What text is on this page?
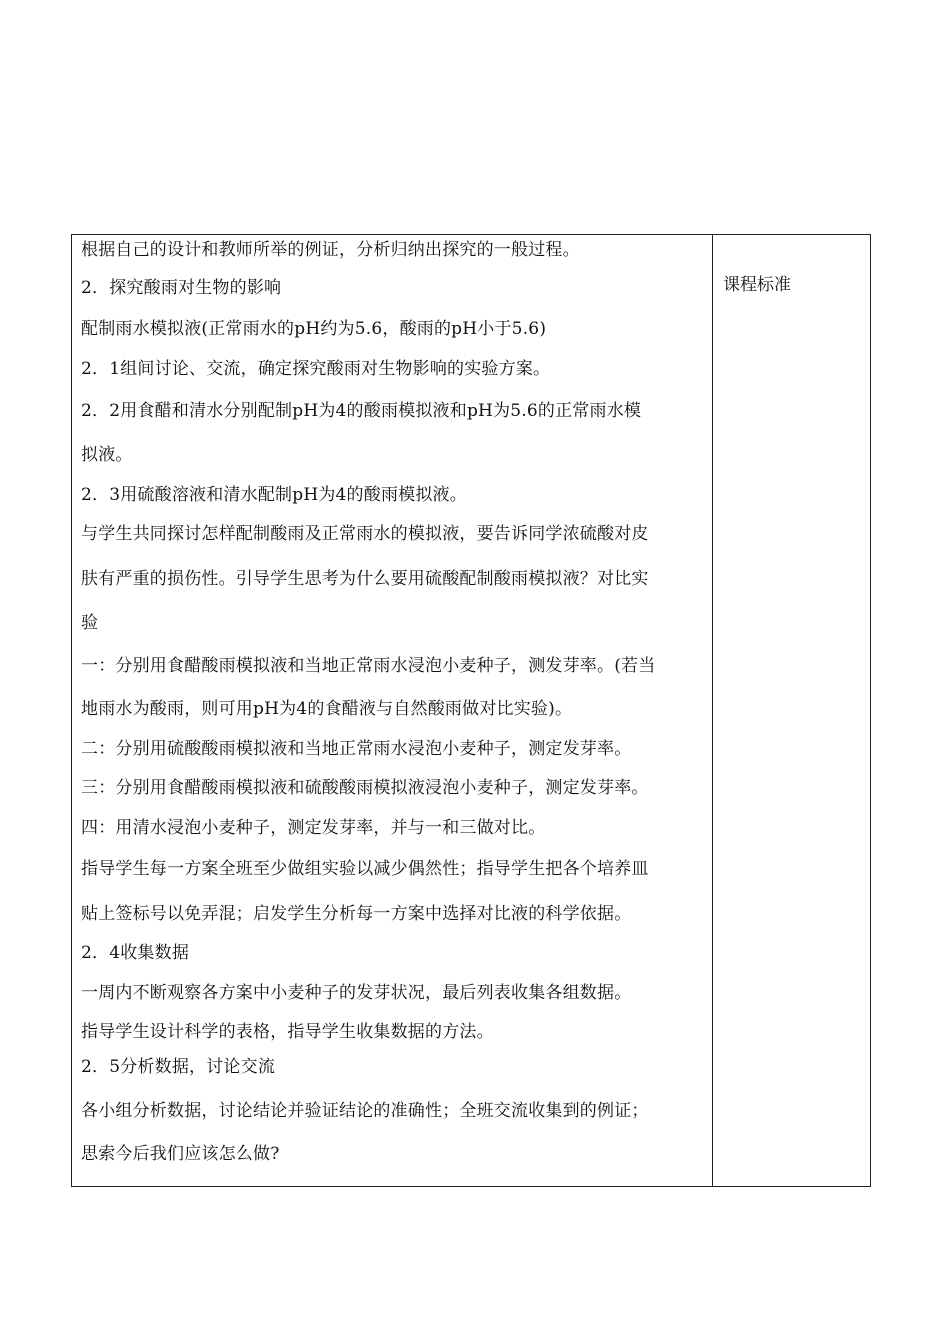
根据自己的设计和教师所举的例证，分析归纳出探究的一般过程。
2．探究酸雨对生物的影响
配制雨水模拟液(正常雨水的pH约为5.6，酸雨的pH小于5.6)
2．1组间讨论、交流，确定探究酸雨对生物影响的实验方案。
2．2用食醋和清水分别配制pH为4的酸雨模拟液和pH为5.6的正常雨水模
拟液。
2．3用硫酸溶液和清水配制pH为4的酸雨模拟液。
与学生共同探讨怎样配制酸雨及正常雨水的模拟液，要告诉同学浓硫酸对皮
肤有严重的损伤性。引导学生思考为什么要用硫酸配制酸雨模拟液？对比实
验
一：分别用食醋酸雨模拟液和当地正常雨水浸泡小麦种子，测发芽率。(若当
地雨水为酸雨，则可用pH为4的食醋液与自然酸雨做对比实验)。
二：分别用硫酸酸雨模拟液和当地正常雨水浸泡小麦种子，测定发芽率。
三：分别用食醋酸雨模拟液和硫酸酸雨模拟液浸泡小麦种子，测定发芽率。
四：用清水浸泡小麦种子，测定发芽率，并与一和三做对比。
指导学生每一方案全班至少做组实验以减少偶然性；指导学生把各个培养皿
贴上签标号以免弄混；启发学生分析每一方案中选择对比液的科学依据。
2．4收集数据
一周内不断观察各方案中小麦种子的发芽状况，最后列表收集各组数据。
指导学生设计科学的表格，指导学生收集数据的方法。
2．5分析数据，讨论交流
各小组分析数据，讨论结论并验证结论的准确性；全班交流收集到的例证；
思索今后我们应该怎么做?
课程标准
